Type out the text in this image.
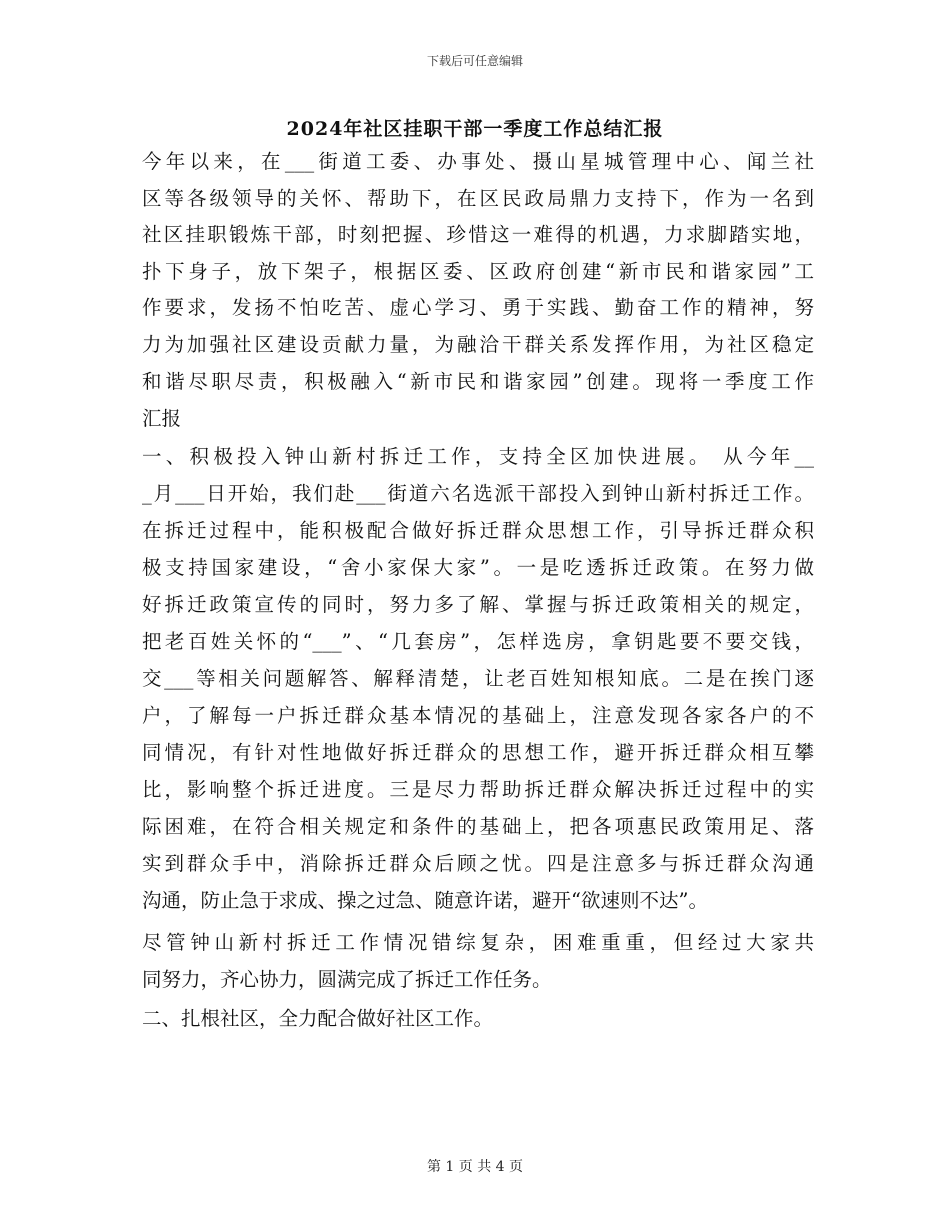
下载后可任意编辑
2024年社区挂职干部一季度工作总结汇报
今年以来，在___街道工委、办事处、摄山星城管理中心、闻兰社
区等各级领导的关怀、帮助下，在区民政局鼎力支持下，作为一名到
社区挂职锻炼干部，时刻把握、珍惜这一难得的机遇，力求脚踏实地，
扑下身子，放下架子，根据区委、区政府创建“新市民和谐家园”工
作要求，发扬不怕吃苦、虚心学习、勇于实践、勤奋工作的精神，努
力为加强社区建设贡献力量，为融洽干群关系发挥作用，为社区稳定
和谐尽职尽责，积极融入“新市民和谐家园”创建。现将一季度工作
汇报
一、积极投入钟山新村拆迁工作，支持全区加快进展。 从今年__
_月___日开始，我们赴___街道六名选派干部投入到钟山新村拆迁工作。
在拆迁过程中，能积极配合做好拆迁群众思想工作，引导拆迁群众积
极支持国家建设，“舍小家保大家”。一是吃透拆迁政策。在努力做
好拆迁政策宣传的同时，努力多了解、掌握与拆迁政策相关的规定，
把老百姓关怀的“___”、“几套房”，怎样选房，拿钥匙要不要交钱，
交___等相关问题解答、解释清楚，让老百姓知根知底。二是在挨门逐
户，了解每一户拆迁群众基本情况的基础上，注意发现各家各户的不
同情况，有针对性地做好拆迁群众的思想工作，避开拆迁群众相互攀
比，影响整个拆迁进度。三是尽力帮助拆迁群众解决拆迁过程中的实
际困难，在符合相关规定和条件的基础上，把各项惠民政策用足、落
实到群众手中，消除拆迁群众后顾之忧。四是注意多与拆迁群众沟通
沟通，防止急于求成、操之过急、随意许诺，避开“欲速则不达”。
尽管钟山新村拆迁工作情况错综复杂，困难重重，但经过大家共
同努力，齐心协力，圆满完成了拆迁工作任务。
二、扎根社区，全力配合做好社区工作。
第 1 页 共 4 页
